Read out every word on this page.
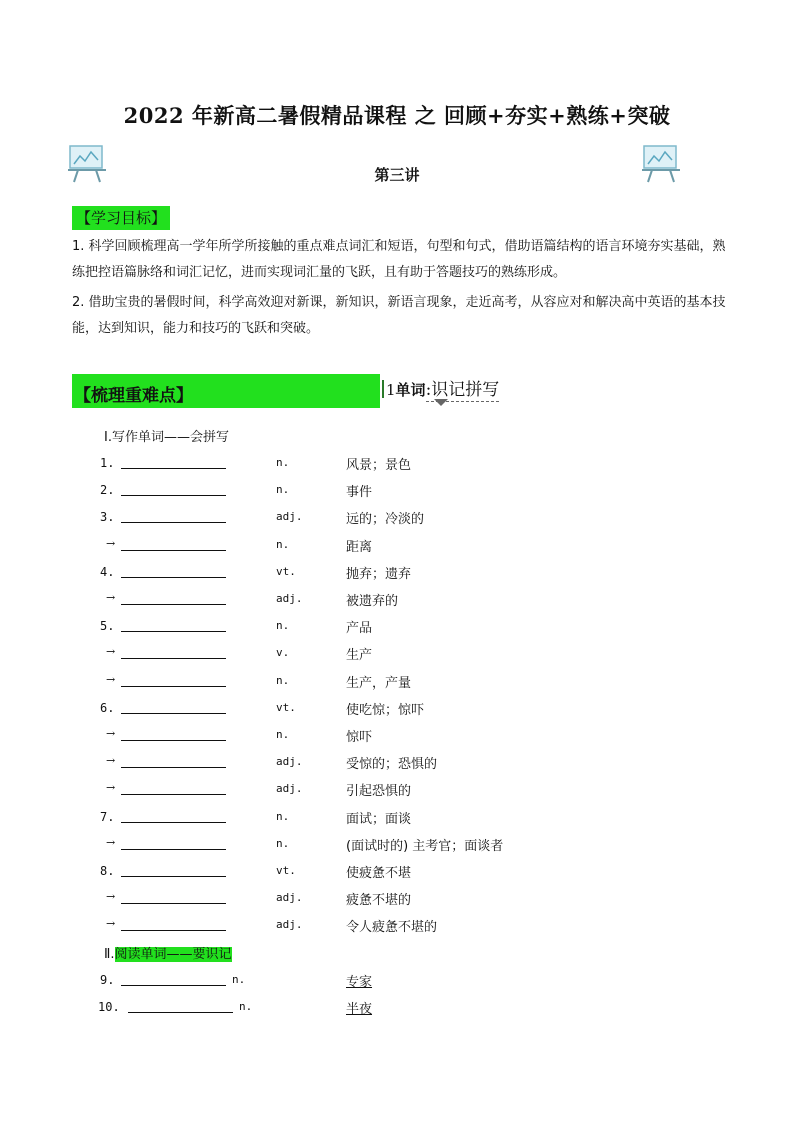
2022 年新高二暑假精品课程 之 回顾+夯实+熟练+突破
第三讲
【学习目标】
1. 科学回顾梳理高一学年所学所接触的重点难点词汇和短语，句型和句式，借助语篇结构的语言环境夯实基础，熟练把控语篇脉络和词汇记忆，进而实现词汇量的飞跃，且有助于答题技巧的熟练形成。
2. 借助宝贵的暑假时间，科学高效迎对新课，新知识，新语言现象，走近高考，从容应对和解决高中英语的基本技能，达到知识，能力和技巧的飞跃和突破。
【梳理重难点】	1单词:识记拼写
Ⅰ.写作单词——会拼写
1.	n.	风景；景色
2.	n.	事件
3.	adj.	远的；冷淡的
→	n.	距离
4.	vt.	抛弃；遗弃
→	adj.	被遗弃的
5.	n.	产品
→	v.	生产
→	n.	生产，产量
6.	vt.	使吃惊；惊吓
→	n.	惊吓
→	adj.	受惊的；恐惧的
→	adj.	引起恐惧的
7.	n.	面试；面谈
→	n.	(面试时的) 主考官；面谈者
8.	vt.	使疲惫不堪
→	adj.	疲惫不堪的
→	adj.	令人疲惫不堪的
Ⅱ.阅读单词——要识记
9.	n.	专家
10.	n.	半夜
